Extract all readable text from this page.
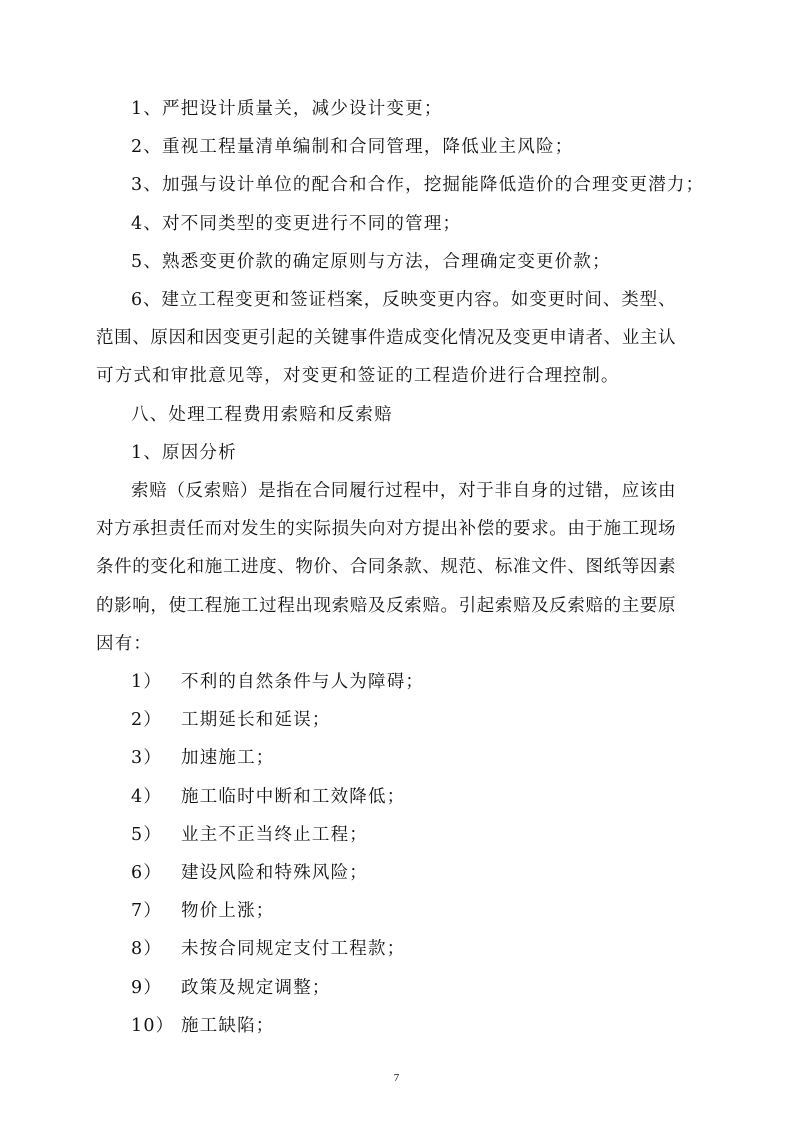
1、严把设计质量关，减少设计变更；
2、重视工程量清单编制和合同管理，降低业主风险；
3、加强与设计单位的配合和合作，挖掘能降低造价的合理变更潜力；
4、对不同类型的变更进行不同的管理；
5、熟悉变更价款的确定原则与方法，合理确定变更价款；
6、建立工程变更和签证档案，反映变更内容。如变更时间、类型、
范围、原因和因变更引起的关键事件造成变化情况及变更申请者、业主认
可方式和审批意见等，对变更和签证的工程造价进行合理控制。
八、处理工程费用索赔和反索赔
1、原因分析
索赔（反索赔）是指在合同履行过程中，对于非自身的过错，应该由
对方承担责任而对发生的实际损失向对方提出补偿的要求。由于施工现场
条件的变化和施工进度、物价、合同条款、规范、标准文件、图纸等因素
的影响，使工程施工过程出现索赔及反索赔。引起索赔及反索赔的主要原
因有：
1） 不利的自然条件与人为障碍；
2） 工期延长和延误；
3） 加速施工；
4） 施工临时中断和工效降低；
5） 业主不正当终止工程；
6） 建设风险和特殊风险；
7） 物价上涨；
8） 未按合同规定支付工程款；
9） 政策及规定调整；
10） 施工缺陷；
7
